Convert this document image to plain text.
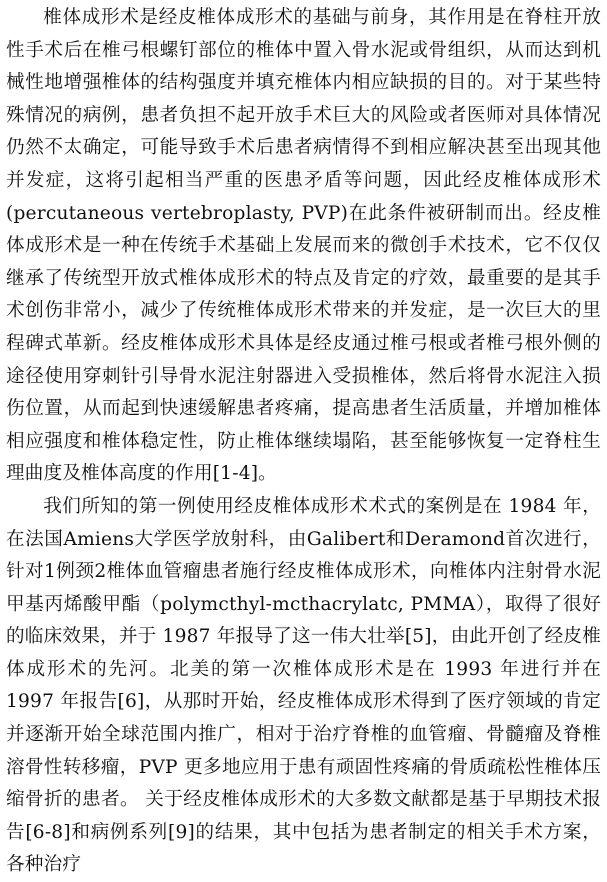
椎体成形术是经皮椎体成形术的基础与前身，其作用是在脊柱开放性手术后在椎弓根螺钉部位的椎体中置入骨水泥或骨组织，从而达到机械性地增强椎体的结构强度并填充椎体内相应缺损的目的。对于某些特殊情况的病例，患者负担不起开放手术巨大的风险或者医师对具体情况仍然不太确定，可能导致手术后患者病情得不到相应解决甚至出现其他并发症，这将引起相当严重的医患矛盾等问题，因此经皮椎体成形术(percutaneous vertebroplasty, PVP)在此条件被研制而出。经皮椎体成形术是一种在传统手术基础上发展而来的微创手术技术，它不仅仅继承了传统型开放式椎体成形术的特点及肯定的疗效，最重要的是其手术创伤非常小，减少了传统椎体成形术带来的并发症，是一次巨大的里程碑式革新。经皮椎体成形术具体是经皮通过椎弓根或者椎弓根外侧的途径使用穿刺针引导骨水泥注射器进入受损椎体，然后将骨水泥注入损伤位置，从而起到快速缓解患者疼痛，提高患者生活质量，并增加椎体相应强度和椎体稳定性，防止椎体继续塌陷，甚至能够恢复一定脊柱生理曲度及椎体高度的作用[1-4]。

我们所知的第一例使用经皮椎体成形术术式的案例是在 1984 年，在法国Amiens大学医学放射科，由Galibert和Deramond首次进行，针对1例颈2椎体血管瘤患者施行经皮椎体成形术，向椎体内注射骨水泥甲基丙烯酸甲酯（polymcthyl-mcthacrylatc, PMMA），取得了很好的临床效果，并于 1987 年报导了这一伟大壮举[5]，由此开创了经皮椎体成形术的先河。北美的第一次椎体成形术是在 1993 年进行并在 1997 年报告[6]，从那时开始，经皮椎体成形术得到了医疗领域的肯定并逐渐开始全球范围内推广，相对于治疗脊椎的血管瘤、骨髓瘤及脊椎溶骨性转移瘤，PVP 更多地应用于患有顽固性疼痛的骨质疏松性椎体压缩骨折的患者。 关于经皮椎体成形术的大多数文献都是基于早期技术报告[6-8]和病例系列[9]的结果，其中包括为患者制定的相关手术方案，各种治疗
